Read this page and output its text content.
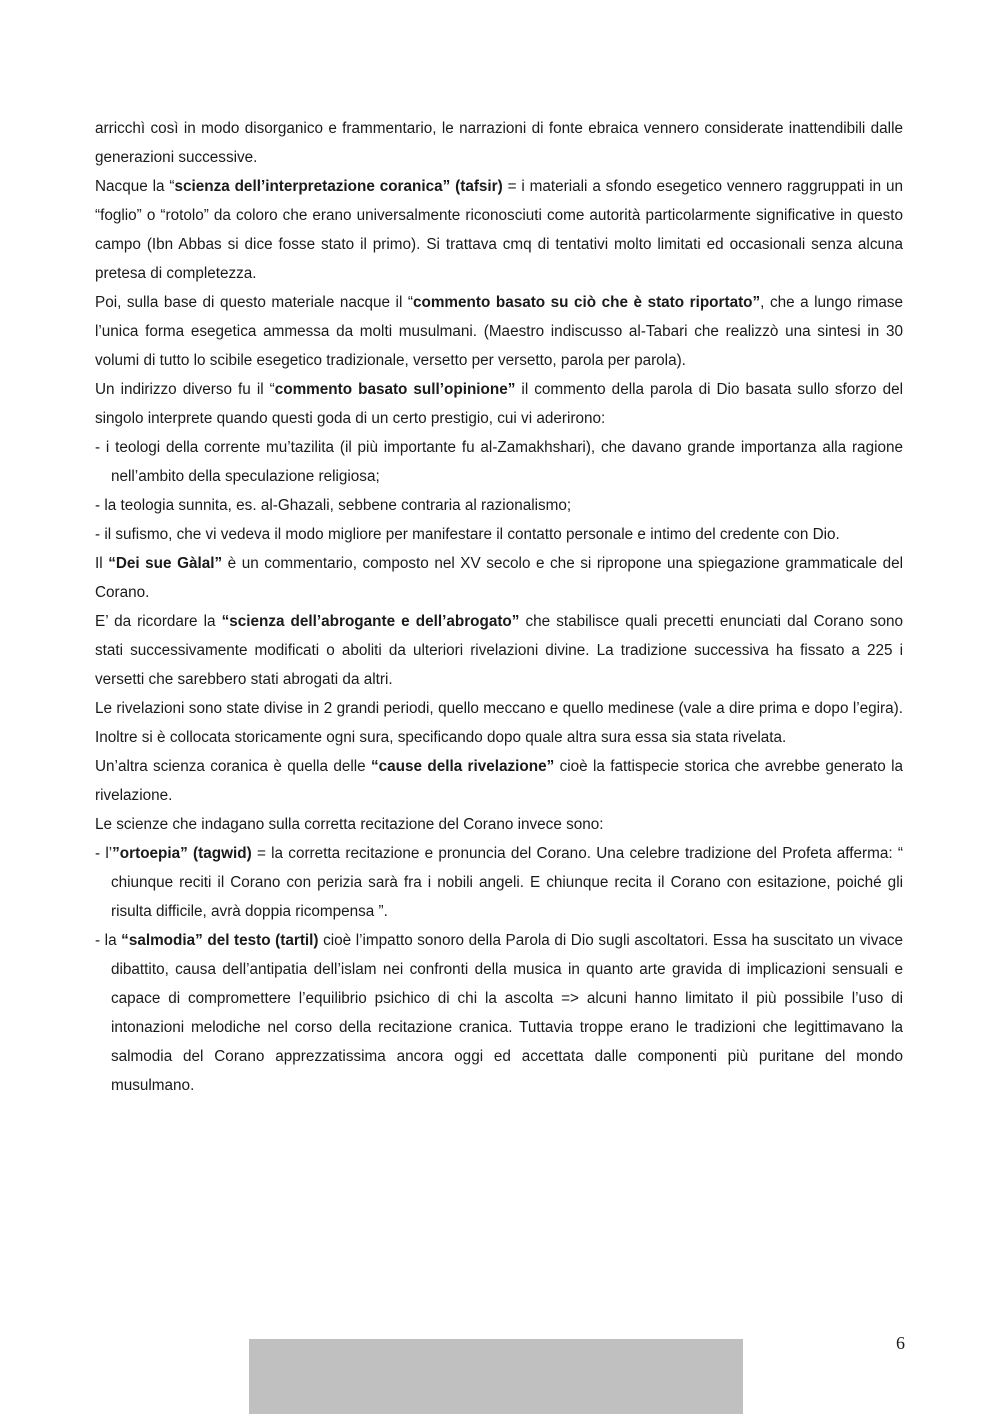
arricchì così in modo disorganico e frammentario, le narrazioni di fonte ebraica vennero considerate inattendibili dalle generazioni successive.

Nacque la “scienza dell’interpretazione coranica” (tafsir) = i materiali a sfondo esegetico vennero raggruppati in un “foglio” o “rotolo” da coloro che erano universalmente riconosciuti come autorità particolarmente significative in questo campo (Ibn Abbas si dice fosse stato il primo). Si trattava cmq di tentativi molto limitati ed occasionali senza alcuna pretesa di completezza.

Poi, sulla base di questo materiale nacque il “commento basato su ciò che è stato riportato”, che a lungo rimase l’unica forma esegetica ammessa da molti musulmani. (Maestro indiscusso al-Tabari che realizzò una sintesi in 30 volumi di tutto lo scibile esegetico tradizionale, versetto per versetto, parola per parola).

Un indirizzo diverso fu il “commento basato sull’opinione” il commento della parola di Dio basata sullo sforzo del singolo interprete quando questi goda di un certo prestigio, cui vi aderirono:

- i teologi della corrente mu’tazilita (il più importante fu al-Zamakhshari), che davano grande importanza alla ragione nell’ambito della speculazione religiosa;

- la teologia sunnita, es. al-Ghazali, sebbene contraria al razionalismo;

- il sufismo, che vi vedeva il modo migliore per manifestare il contatto personale e intimo del credente con Dio.

Il “Dei sue Gàlal” è un commentario, composto nel XV secolo e che si ripropone una spiegazione grammaticale del Corano.

E’ da ricordare la “scienza dell’abrogante e dell’abrogato” che stabilisce quali precetti enunciati dal Corano sono stati successivamente modificati o aboliti da ulteriori rivelazioni divine. La tradizione successiva ha fissato a 225 i versetti che sarebbero stati abrogati da altri.

Le rivelazioni sono state divise in 2 grandi periodi, quello meccano e quello medinese (vale a dire prima e dopo l’egira). Inoltre si è collocata storicamente ogni sura, specificando dopo quale altra sura essa sia stata rivelata.

Un’altra scienza coranica è quella delle “cause della rivelazione” cioè la fattispecie storica che avrebbe generato la rivelazione.

Le scienze che indagano sulla corretta recitazione del Corano invece sono:

- l’”ortoepia” (tagwid) = la corretta recitazione e pronuncia del Corano. Una celebre tradizione del Profeta afferma: “ chiunque reciti il Corano con perizia sarà fra i nobili angeli. E chiunque recita il Corano con esitazione, poiché gli risulta difficile, avrà doppia ricompensa ”.

- la “salmodia” del testo (tartil) cioè l’impatto sonoro della Parola di Dio sugli ascoltatori. Essa ha suscitato un vivace dibattito, causa dell’antipatia dell’islam nei confronti della musica in quanto arte gravida di implicazioni sensuali e capace di compromettere l’equilibrio psichico di chi la ascolta => alcuni hanno limitato il più possibile l’uso di intonazioni melodiche nel corso della recitazione cranica. Tuttavia troppe erano le tradizioni che legittimavano la salmodia del Corano apprezzatissima ancora oggi ed accettata dalle componenti più puritane del mondo musulmano.

6
